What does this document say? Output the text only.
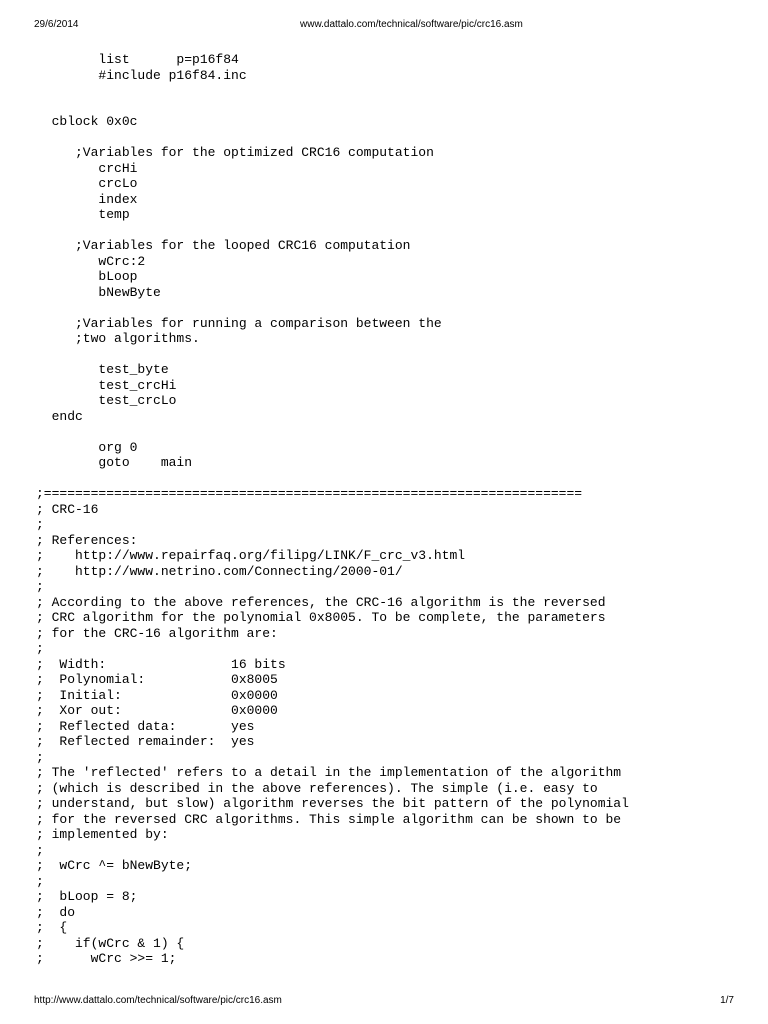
29/6/2014	www.dattalo.com/technical/software/pic/crc16.asm
list      p=p16f84
#include p16f84.inc
cblock 0x0c
;Variables for the optimized CRC16 computation
crcHi
crcLo
index
temp
;Variables for the looped CRC16 computation
wCrc:2
bLoop
bNewByte
;Variables for running a comparison between the
;two algorithms.
test_byte
test_crcHi
test_crcLo
endc
org 0
goto    main
;=====================================================================
; CRC-16
;
; References:
;    http://www.repairfaq.org/filipg/LINK/F_crc_v3.html
;    http://www.netrino.com/Connecting/2000-01/
;
; According to the above references, the CRC-16 algorithm is the reversed
; CRC algorithm for the polynomial 0x8005. To be complete, the parameters
; for the CRC-16 algorithm are:
;
;  Width:                16 bits
;  Polynomial:           0x8005
;  Initial:              0x0000
;  Xor out:              0x0000
;  Reflected data:       yes
;  Reflected remainder:  yes
;
; The 'reflected' refers to a detail in the implementation of the algorithm
; (which is described in the above references). The simple (i.e. easy to
; understand, but slow) algorithm reverses the bit pattern of the polynomial
; for the reversed CRC algorithms. This simple algorithm can be shown to be
; implemented by:
;
;  wCrc ^= bNewByte;
;
;  bLoop = 8;
;  do
;  {
;    if(wCrc & 1) {
;      wCrc >>= 1;
http://www.dattalo.com/technical/software/pic/crc16.asm	1/7
